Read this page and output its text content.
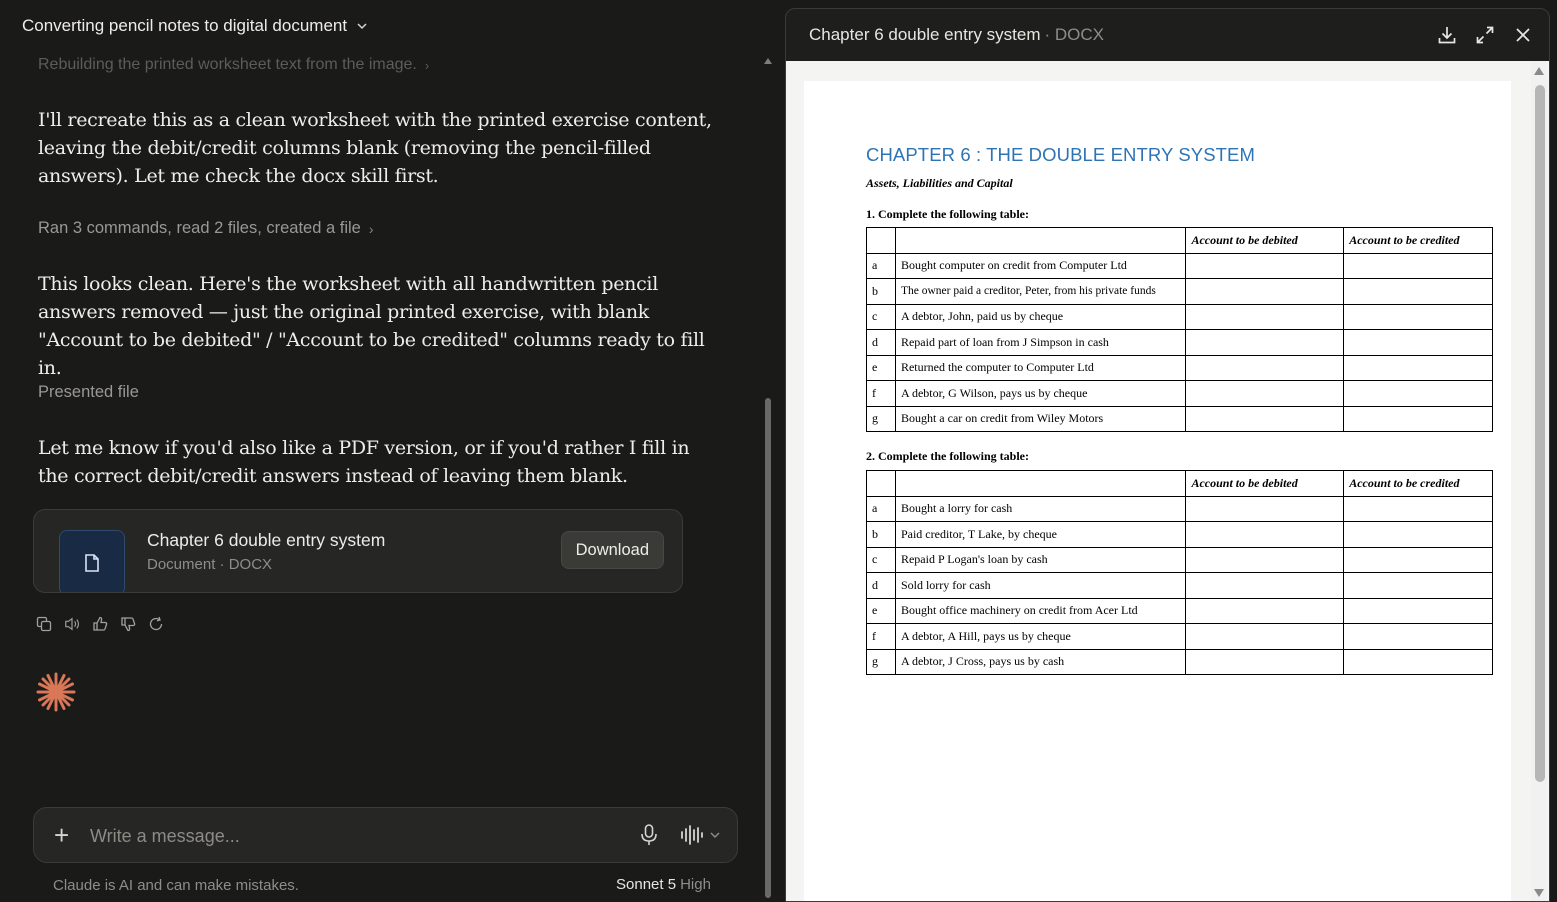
Converting pencil notes to digital document
Rebuilding the printed worksheet text from the image. ›
I'll recreate this as a clean worksheet with the printed exercise content, leaving the debit/credit columns blank (removing the pencil-filled answers). Let me check the docx skill first.
Ran 3 commands, read 2 files, created a file ›
This looks clean. Here's the worksheet with all handwritten pencil answers removed — just the original printed exercise, with blank "Account to be debited" / "Account to be credited" columns ready to fill in.
Presented file
Let me know if you'd also like a PDF version, or if you'd rather I fill in the correct debit/credit answers instead of leaving them blank.
Chapter 6 double entry system
Document · DOCX
Download
+
Write a message...
Claude is AI and can make mistakes.	Sonnet 5 High
Chapter 6 double entry system · DOCX
CHAPTER 6 : THE DOUBLE ENTRY SYSTEM
Assets, Liabilities and Capital
1. Complete the following table:
		Account to be debited	Account to be credited
a	Bought computer on credit from Computer Ltd		
b	The owner paid a creditor, Peter, from his private funds		
c	A debtor, John, paid us by cheque		
d	Repaid part of loan from J Simpson in cash		
e	Returned the computer to Computer Ltd		
f	A debtor, G Wilson, pays us by cheque		
g	Bought a car on credit from Wiley Motors		
2. Complete the following table:
		Account to be debited	Account to be credited
a	Bought a lorry for cash		
b	Paid creditor, T Lake, by cheque		
c	Repaid P Logan's loan by cash		
d	Sold lorry for cash		
e	Bought office machinery on credit from Acer Ltd		
f	A debtor, A Hill, pays us by cheque		
g	A debtor, J Cross, pays us by cash		
